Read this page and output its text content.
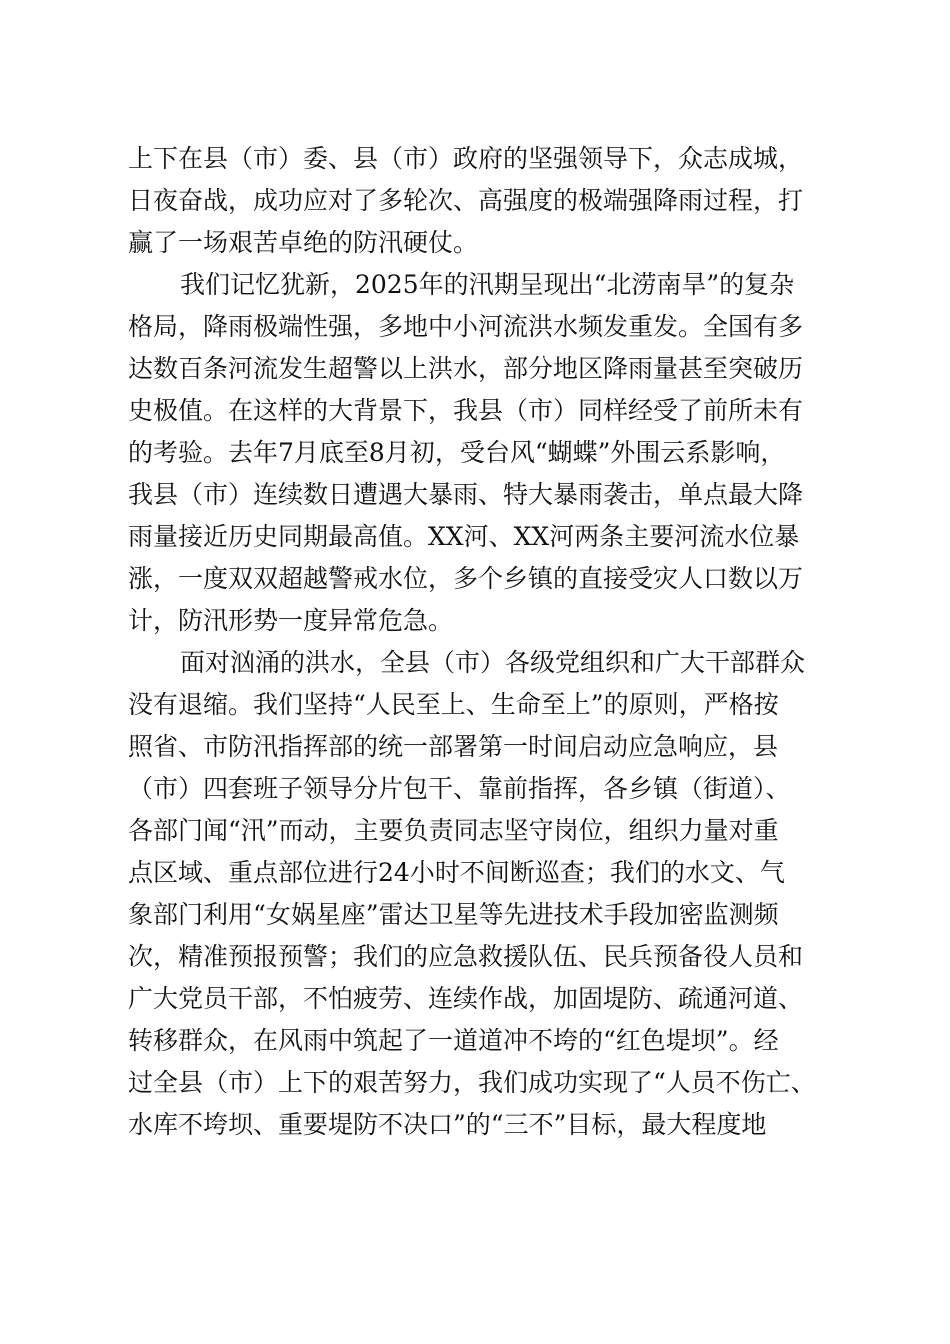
上下在县（市）委、县（市）政府的坚强领导下，众志成城，
日夜奋战，成功应对了多轮次、高强度的极端强降雨过程，打
赢了一场艰苦卓绝的防汛硬仗。
我们记忆犹新，2025年的汛期呈现出“北涝南旱”的复杂
格局，降雨极端性强，多地中小河流洪水频发重发。全国有多
达数百条河流发生超警以上洪水，部分地区降雨量甚至突破历
史极值。在这样的大背景下，我县（市）同样经受了前所未有
的考验。去年7月底至8月初，受台风“蝴蝶”外围云系影响，
我县（市）连续数日遭遇大暴雨、特大暴雨袭击，单点最大降
雨量接近历史同期最高值。XX河、XX河两条主要河流水位暴
涨，一度双双超越警戒水位，多个乡镇的直接受灾人口数以万
计，防汛形势一度异常危急。
面对汹涌的洪水，全县（市）各级党组织和广大干部群众
没有退缩。我们坚持“人民至上、生命至上”的原则，严格按
照省、市防汛指挥部的统一部署第一时间启动应急响应，县
（市）四套班子领导分片包干、靠前指挥，各乡镇（街道）、
各部门闻“汛”而动，主要负责同志坚守岗位，组织力量对重
点区域、重点部位进行24小时不间断巡查；我们的水文、气
象部门利用“女娲星座”雷达卫星等先进技术手段加密监测频
次，精准预报预警；我们的应急救援队伍、民兵预备役人员和
广大党员干部，不怕疲劳、连续作战，加固堤防、疏通河道、
转移群众，在风雨中筑起了一道道冲不垮的“红色堤坝”。经
过全县（市）上下的艰苦努力，我们成功实现了“人员不伤亡、
水库不垮坝、重要堤防不决口”的“三不”目标，最大程度地
